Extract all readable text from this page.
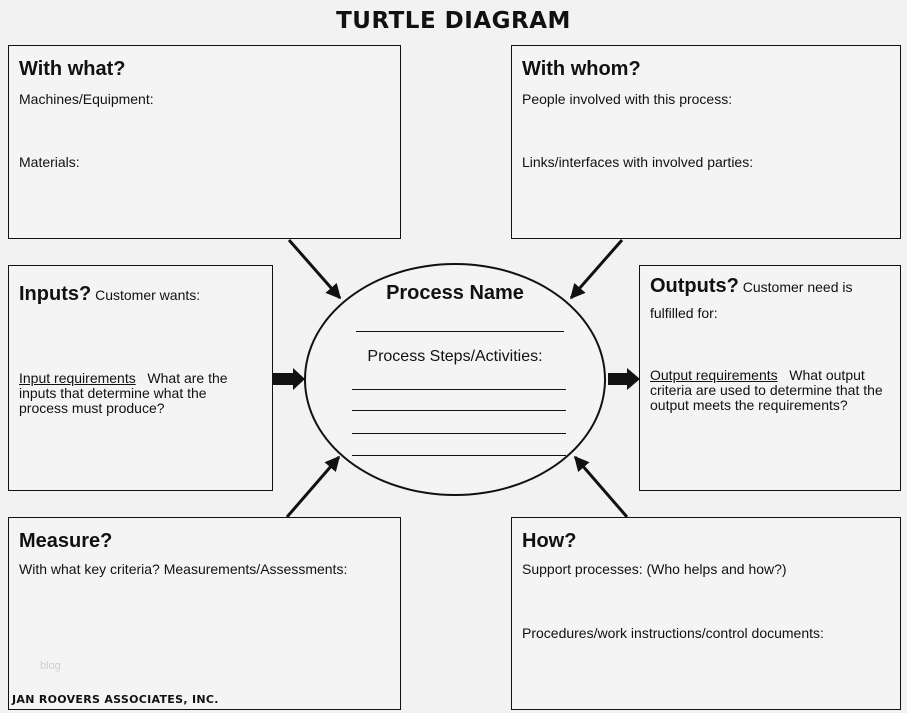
TURTLE DIAGRAM
With what?
Machines/Equipment:
Materials:
With whom?
People involved with this process:
Links/interfaces with involved parties:
Inputs? Customer wants:
Input requirements What are the
inputs that determine what the
process must produce?
Outputs? Customer need is
fulfilled for:
Output requirements What output
criteria are used to determine that the
output meets the requirements?
Measure?
With what key criteria? Measurements/Assessments:
How?
Support processes: (Who helps and how?)
Procedures/work instructions/control documents:
Process Name
Process Steps/Activities:
blog
JAN ROOVERS ASSOCIATES, INC.
